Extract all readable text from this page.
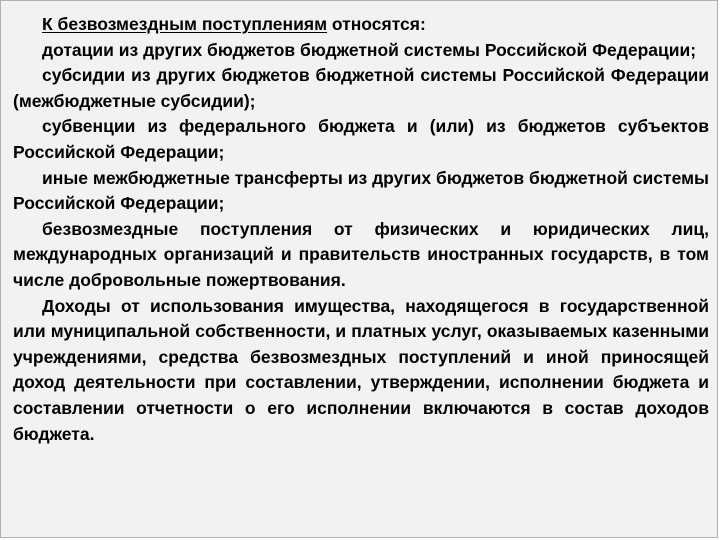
К безвозмездным поступлениям относятся:

дотации из других бюджетов бюджетной системы Российской Федерации;

субсидии из других бюджетов бюджетной системы Российской Федерации (межбюджетные субсидии);

субвенции из федерального бюджета и (или) из бюджетов субъектов Российской Федерации;

иные межбюджетные трансферты из других бюджетов бюджетной системы Российской Федерации;

безвозмездные поступления от физических и юридических лиц, международных организаций и правительств иностранных государств, в том числе добровольные пожертвования.

Доходы от использования имущества, находящегося в государственной или муниципальной собственности, и платных услуг, оказываемых казенными учреждениями, средства безвозмездных поступлений и иной приносящей доход деятельности при составлении, утверждении, исполнении бюджета и составлении отчетности о его исполнении включаются в состав доходов бюджета.
